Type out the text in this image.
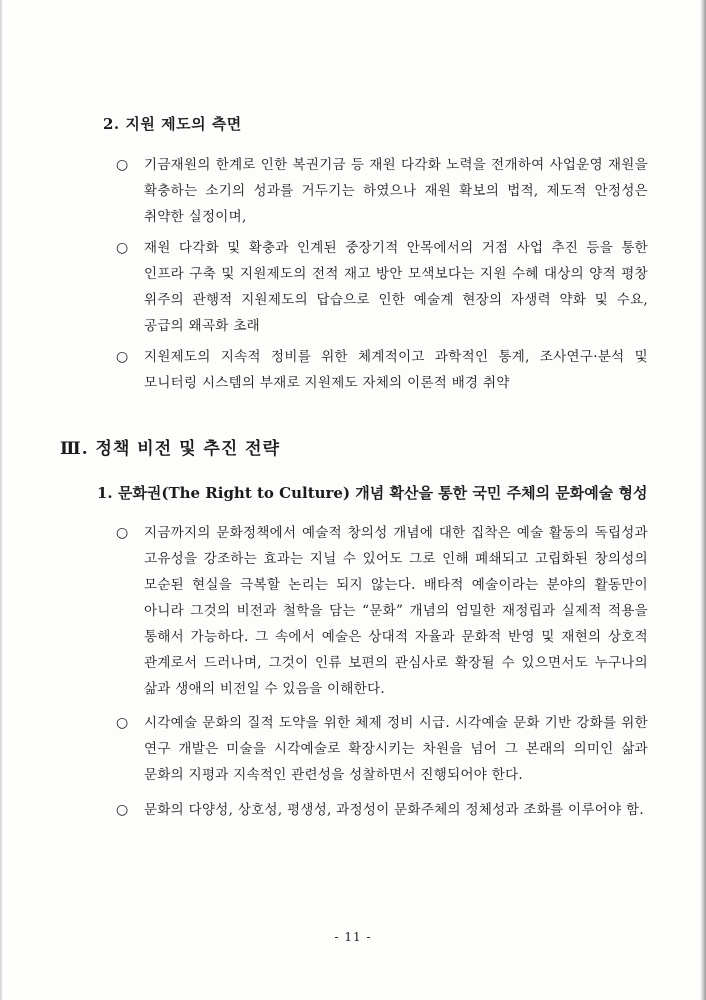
2. 지원 제도의 측면
○ 기금재원의 한계로 인한 복권기금 등 재원 다각화 노력을 전개하여 사업운영 재원을 확충하는 소기의 성과를 거두기는 하였으나 재원 확보의 법적, 제도적 안정성은 취약한 실정이며,
○ 재원 다각화 및 확충과 인계된 중장기적 안목에서의 거점 사업 추진 등을 통한 인프라 구축 및 지원제도의 전적 재고 방안 모색보다는 지원 수혜 대상의 양적 평창 위주의 관행적 지원제도의 답습으로 인한 예술계 현장의 자생력 약화 및 수요, 공급의 왜곡화 초래
○ 지원제도의 지속적 정비를 위한 체계적이고 과학적인 통계, 조사연구·분석 및 모니터링 시스템의 부재로 지원제도 자체의 이론적 배경 취약
Ⅲ. 정책 비전 및 추진 전략
1. 문화권(The Right to Culture) 개념 확산을 통한 국민 주체의 문화예술 형성
○ 지금까지의 문화정책에서 예술적 창의성 개념에 대한 집착은 예술 활동의 독립성과 고유성을 강조하는 효과는 지닐 수 있어도 그로 인해 폐쇄되고 고립화된 창의성의 모순된 현실을 극복할 논리는 되지 않는다. 배타적 예술이라는 분야의 활동만이 아니라 그것의 비전과 철학을 담는 “문화” 개념의 엄밀한 재정립과 실제적 적용을 통해서 가능하다. 그 속에서 예술은 상대적 자율과 문화적 반영 및 재현의 상호적 관계로서 드러나며, 그것이 인류 보편의 관심사로 확장될 수 있으면서도 누구나의 삶과 생애의 비전일 수 있음을 이해한다.
○ 시각예술 문화의 질적 도약을 위한 체제 정비 시급. 시각예술 문화 기반 강화를 위한 연구 개발은 미술을 시각예술로 확장시키는 차원을 넘어 그 본래의 의미인 삶과 문화의 지평과 지속적인 관련성을 성찰하면서 진행되어야 한다.
○ 문화의 다양성, 상호성, 평생성, 과정성이 문화주체의 정체성과 조화를 이루어야 함.
- 11 -
